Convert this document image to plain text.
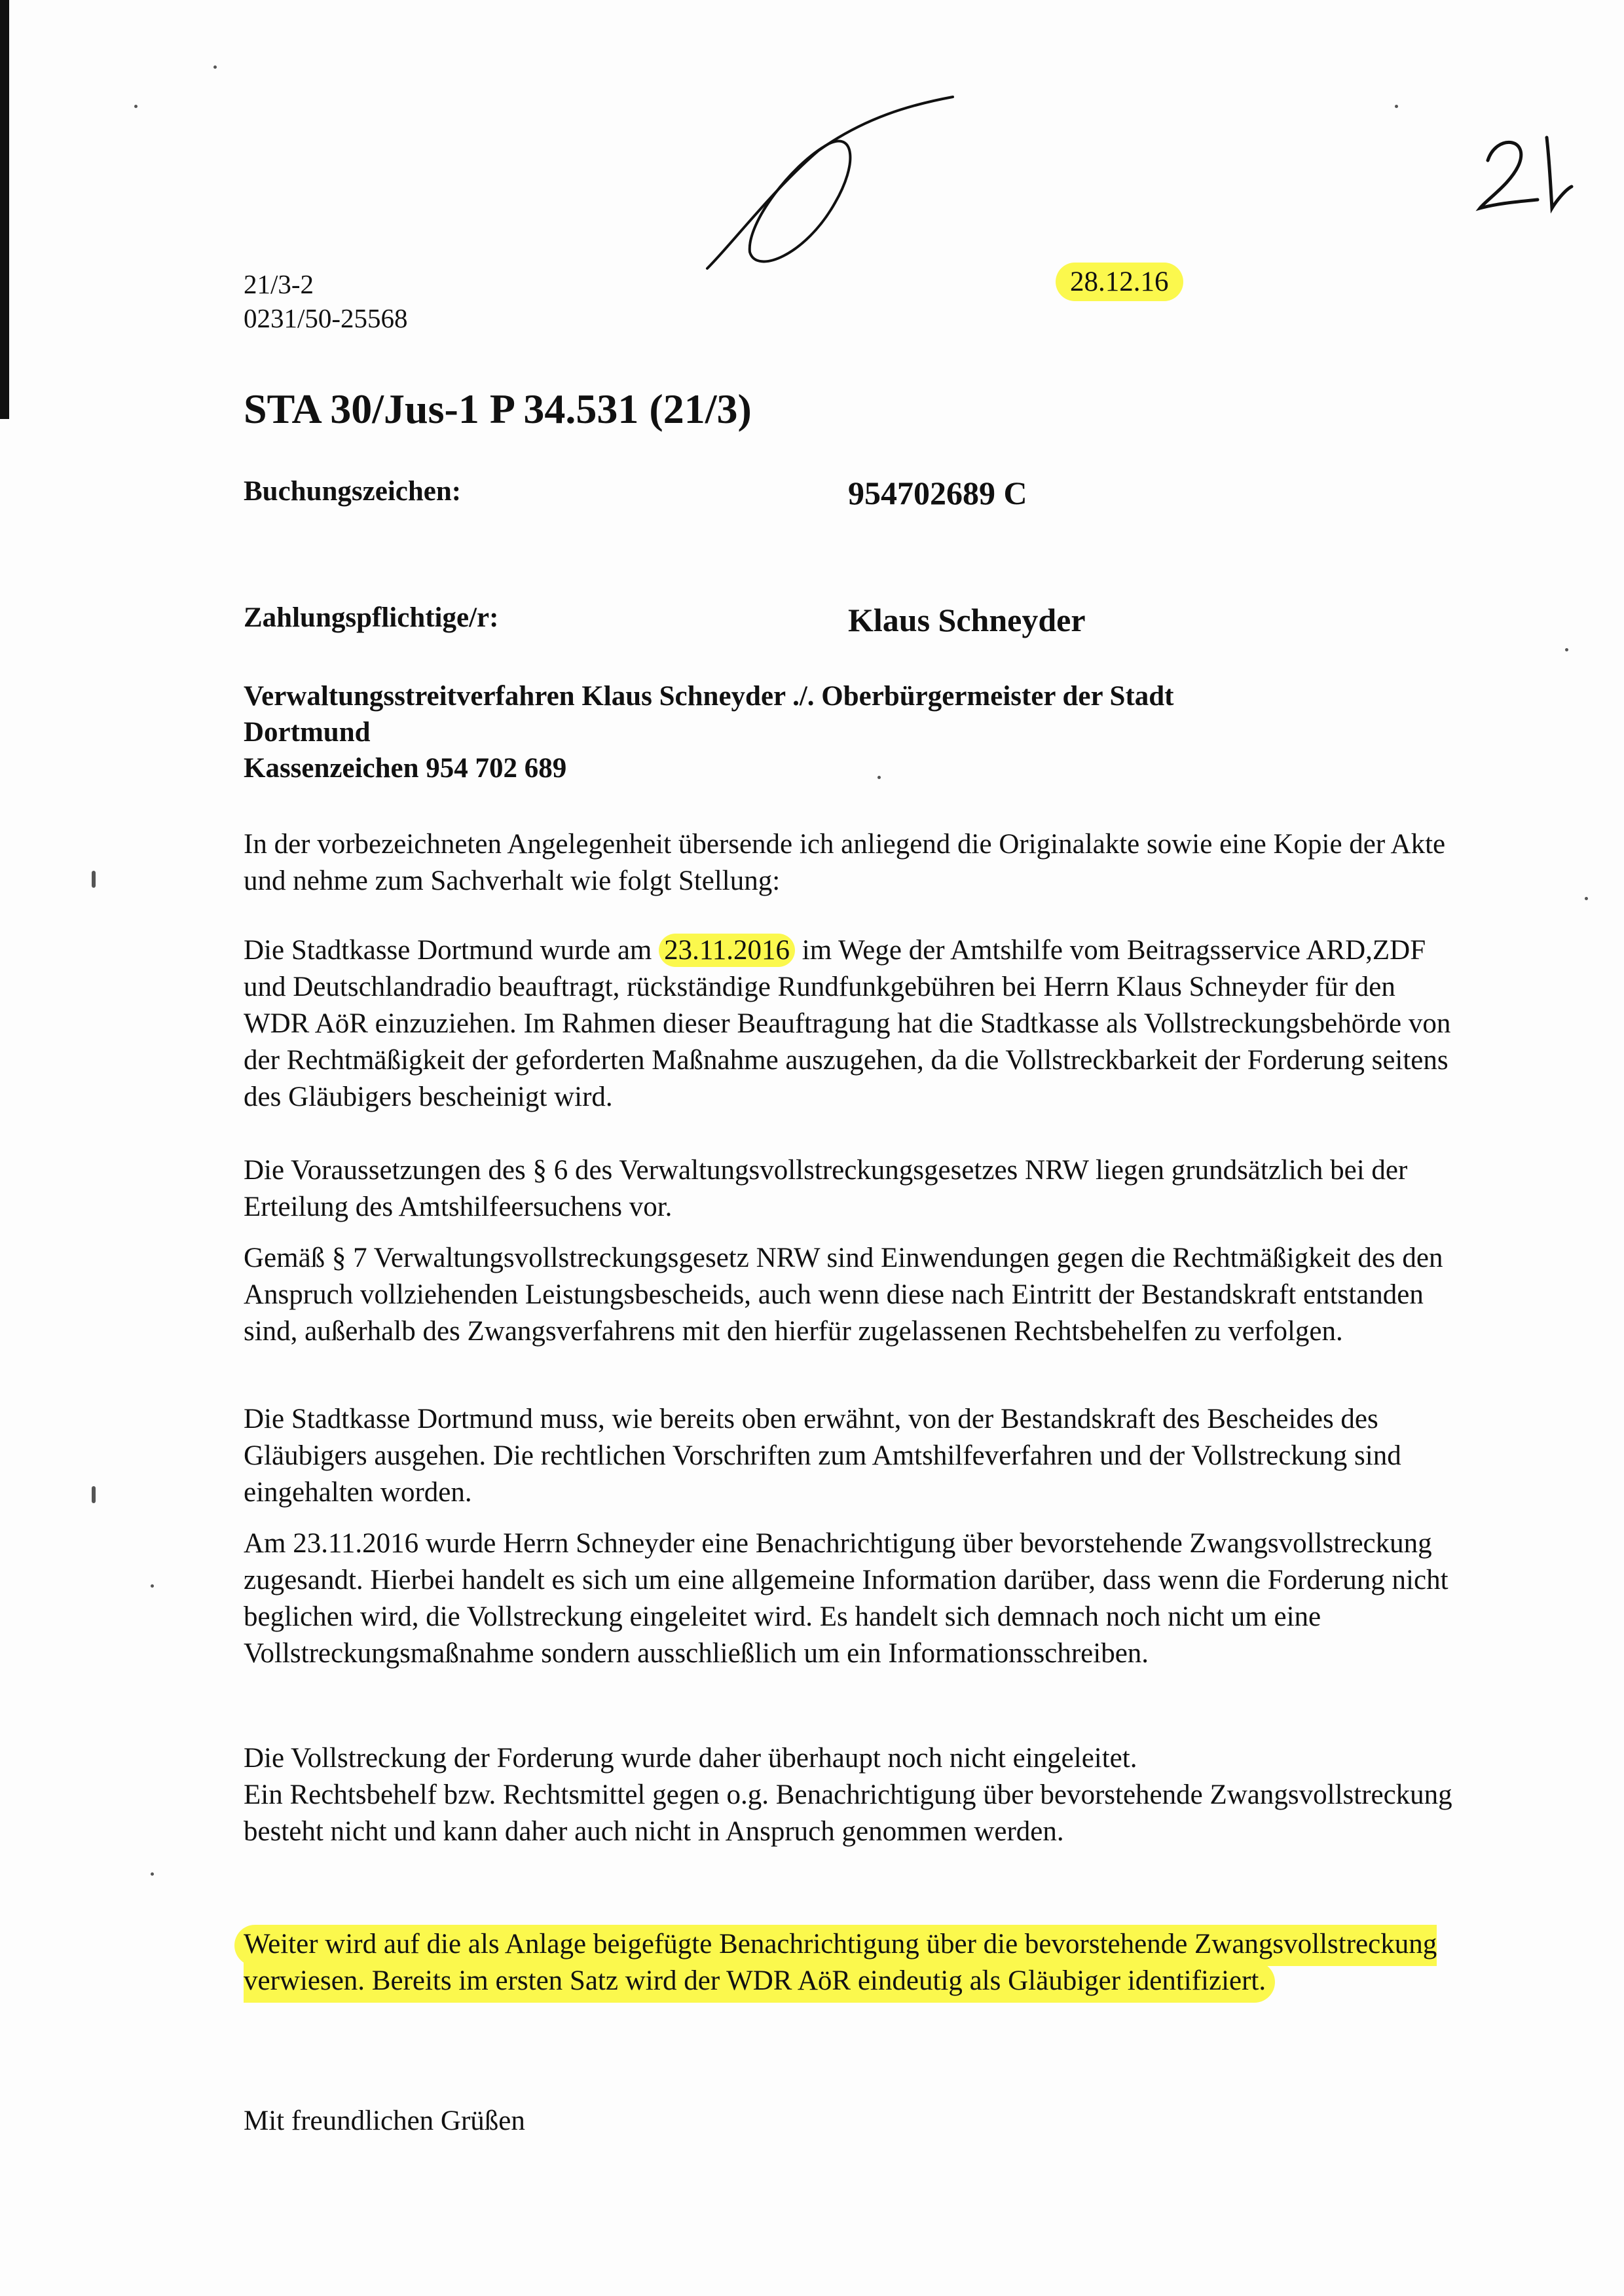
21/3-2
0231/50-25568
28.12.16
STA 30/Jus-1 P 34.531 (21/3)
Buchungszeichen:	954702689 C
Zahlungspflichtige/r:	Klaus Schneyder
Verwaltungsstreitverfahren Klaus Schneyder ./. Oberbürgermeister der Stadt
Dortmund
Kassenzeichen 954 702 689

In der vorbezeichneten Angelegenheit übersende ich anliegend die Originalakte sowie eine Kopie der Akte und nehme zum Sachverhalt wie folgt Stellung:

Die Stadtkasse Dortmund wurde am 23.11.2016 im Wege der Amtshilfe vom Beitragsservice ARD,ZDF und Deutschlandradio beauftragt, rückständige Rundfunkgebühren bei Herrn Klaus Schneyder für den WDR AöR einzuziehen. Im Rahmen dieser Beauftragung hat die Stadtkasse als Vollstreckungsbehörde von der Rechtmäßigkeit der geforderten Maßnahme auszugehen, da die Vollstreckbarkeit der Forderung seitens des Gläubigers bescheinigt wird.

Die Voraussetzungen des § 6 des Verwaltungsvollstreckungsgesetzes NRW liegen grundsätzlich bei der Erteilung des Amtshilfeersuchens vor.

Gemäß § 7 Verwaltungsvollstreckungsgesetz NRW sind Einwendungen gegen die Rechtmäßigkeit des den Anspruch vollziehenden Leistungsbescheids, auch wenn diese nach Eintritt der Bestandskraft entstanden sind, außerhalb des Zwangsverfahrens mit den hierfür zugelassenen Rechtsbehelfen zu verfolgen.

Die Stadtkasse Dortmund muss, wie bereits oben erwähnt, von der Bestandskraft des Bescheides des Gläubigers ausgehen. Die rechtlichen Vorschriften zum Amtshilfeverfahren und der Vollstreckung sind eingehalten worden.

Am 23.11.2016 wurde Herrn Schneyder eine Benachrichtigung über bevorstehende Zwangsvollstreckung zugesandt. Hierbei handelt es sich um eine allgemeine Information darüber, dass wenn die Forderung nicht beglichen wird, die Vollstreckung eingeleitet wird. Es handelt sich demnach noch nicht um eine Vollstreckungsmaßnahme sondern ausschließlich um ein Informationsschreiben.

Die Vollstreckung der Forderung wurde daher überhaupt noch nicht eingeleitet.
Ein Rechtsbehelf bzw. Rechtsmittel gegen o.g. Benachrichtigung über bevorstehende Zwangsvollstreckung besteht nicht und kann daher auch nicht in Anspruch genommen werden.

Weiter wird auf die als Anlage beigefügte Benachrichtigung über die bevorstehende Zwangsvollstreckung verwiesen. Bereits im ersten Satz wird der WDR AöR eindeutig als Gläubiger identifiziert.

Mit freundlichen Grüßen
